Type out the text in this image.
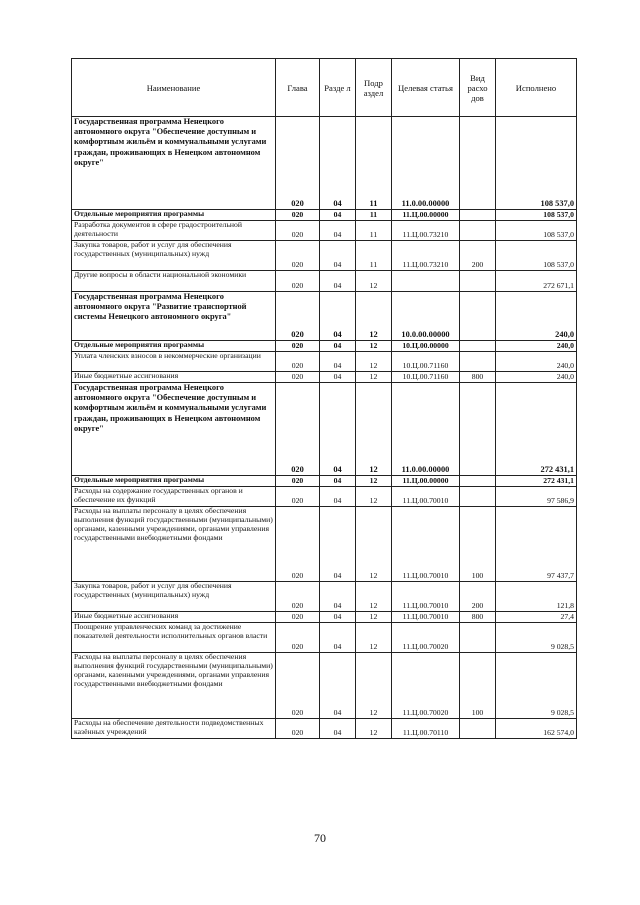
Наименование	Глава	Разде л	Подр аздел	Целевая статья	Вид расхо дов	Исполнено
Государственная программа Ненецкого автономного округа "Обеспечение доступным и комфортным жильём и коммунальными услугами граждан, проживающих в Ненецком автономном округе"	020	04	11	11.0.00.00000		108 537,0
Отдельные мероприятия программы	020	04	11	11.Ц.00.00000		108 537,0
Разработка документов в сфере градостроительной деятельности	020	04	11	11.Ц.00.73210		108 537,0
Закупка товаров, работ и услуг для обеспечения государственных (муниципальных) нужд	020	04	11	11.Ц.00.73210	200	108 537,0
Другие вопросы в области национальной экономики	020	04	12			272 671,1
Государственная программа Ненецкого автономного округа "Развитие транспортной системы Ненецкого автономного округа"	020	04	12	10.0.00.00000		240,0
Отдельные мероприятия программы	020	04	12	10.Ц.00.00000		240,0
Уплата членских взносов в некоммерческие организации	020	04	12	10.Ц.00.71160		240,0
Иные бюджетные ассигнования	020	04	12	10.Ц.00.71160	800	240,0
Государственная программа Ненецкого автономного округа "Обеспечение доступным и комфортным жильём и коммунальными услугами граждан, проживающих в Ненецком автономном округе"	020	04	12	11.0.00.00000		272 431,1
Отдельные мероприятия программы	020	04	12	11.Ц.00.00000		272 431,1
Расходы на содержание государственных органов и обеспечение их функций	020	04	12	11.Ц.00.70010		97 586,9
Расходы на выплаты персоналу в целях обеспечения выполнения функций государственными (муниципальными) органами, казенными учреждениями, органами управления государственными внебюджетными фондами	020	04	12	11.Ц.00.70010	100	97 437,7
Закупка товаров, работ и услуг для обеспечения государственных (муниципальных) нужд	020	04	12	11.Ц.00.70010	200	121,8
Иные бюджетные ассигнования	020	04	12	11.Ц.00.70010	800	27,4
Поощрение управленческих команд за достижение показателей деятельности исполнительных органов власти	020	04	12	11.Ц.00.70020		9 028,5
Расходы на выплаты персоналу в целях обеспечения выполнения функций государственными (муниципальными) органами, казенными учреждениями, органами управления государственными внебюджетными фондами	020	04	12	11.Ц.00.70020	100	9 028,5
Расходы на обеспечение деятельности подведомственных казённых учреждений	020	04	12	11.Ц.00.70110		162 574,0
70
